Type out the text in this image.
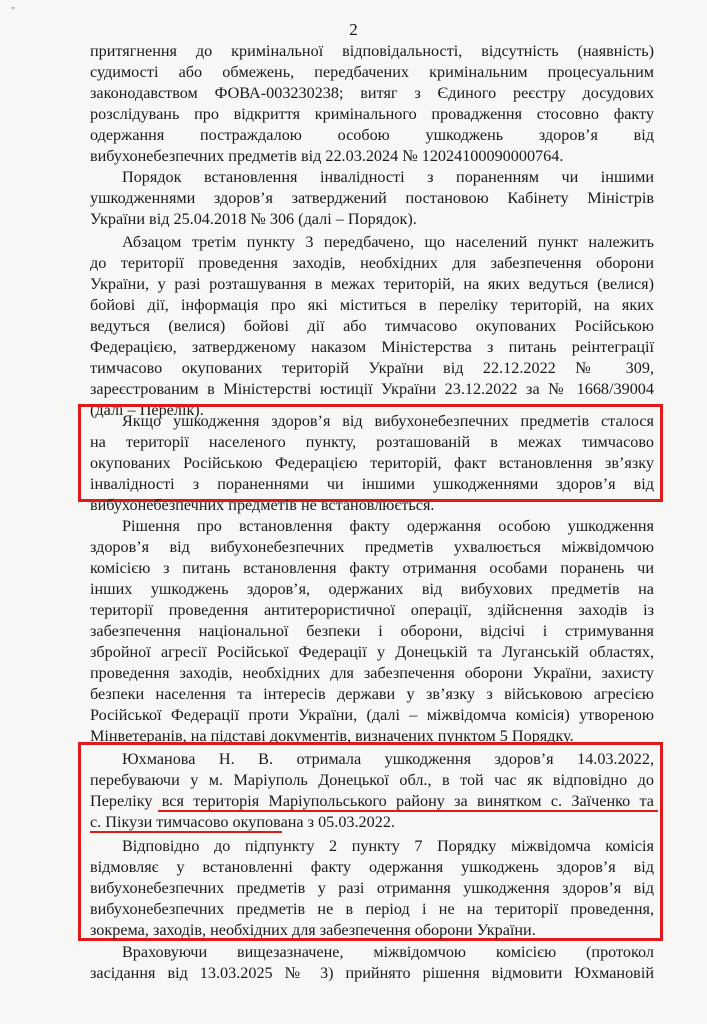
"
2
притягнення до кримінальної відповідальності, відсутність (наявність)
судимості або обмежень, передбачених кримінальним процесуальним
законодавством ФОВА-003230238; витяг з Єдиного реєстру досудових
розслідувань про відкриття кримінального провадження стосовно факту
одержання постраждалою особою ушкоджень здоров’я від
вибухонебезпечних предметів від 22.03.2024 № 12024100090000764.
Порядок встановлення інвалідності з пораненням чи іншими
ушкодженнями здоров’я затверджений постановою Кабінету Міністрів
України від 25.04.2018 № 306 (далі – Порядок).
Абзацом третім пункту 3 передбачено, що населений пункт належить
до території проведення заходів, необхідних для забезпечення оборони
України, у разі розташування в межах територій, на яких ведуться (велися)
бойові дії, інформація про які міститься в переліку територій, на яких
ведуться (велися) бойові дії або тимчасово окупованих Російською
Федерацією, затвердженому наказом Міністерства з питань реінтеграції
тимчасово окупованих територій України від 22.12.2022 № 309,
зареєстрованим в Міністерстві юстиції України 23.12.2022 за № 1668/39004
(далі – Перелік).
Якщо ушкодження здоров’я від вибухонебезпечних предметів сталося
на території населеного пункту, розташованій в межах тимчасово
окупованих Російською Федерацією територій, факт встановлення зв’язку
інвалідності з пораненнями чи іншими ушкодженнями здоров’я від
вибухонебезпечних предметів не встановлюється.
Рішення про встановлення факту одержання особою ушкодження
здоров’я від вибухонебезпечних предметів ухвалюється міжвідомчою
комісією з питань встановлення факту отримання особами поранень чи
інших ушкоджень здоров’я, одержаних від вибухових предметів на
території проведення антитерористичної операції, здійснення заходів із
забезпечення національної безпеки і оборони, відсічі і стримування
збройної агресії Російської Федерації у Донецькій та Луганській областях,
проведення заходів, необхідних для забезпечення оборони України, захисту
безпеки населення та інтересів держави у зв’язку з військовою агресією
Російської Федерації проти України, (далі – міжвідомча комісія) утвореною
Мінветеранів, на підставі документів, визначених пунктом 5 Порядку.
Юхманова Н. В. отримала ушкодження здоров’я 14.03.2022,
перебуваючи у м. Маріуполь Донецької обл., в той час як відповідно до
Переліку вся територія Маріупольського району за винятком с. Заїченко та
с. Пікузи тимчасово окупована з 05.03.2022.
Відповідно до підпункту 2 пункту 7 Порядку міжвідомча комісія
відмовляє у встановленні факту одержання ушкоджень здоров’я від
вибухонебезпечних предметів у разі отримання ушкодження здоров’я від
вибухонебезпечних предметів не в період і не на території проведення,
зокрема, заходів, необхідних для забезпечення оборони України.
Враховуючи вищезазначене, міжвідомчою комісією (протокол
засідання від 13.03.2025 № 3) прийнято рішення відмовити Юхмановій
